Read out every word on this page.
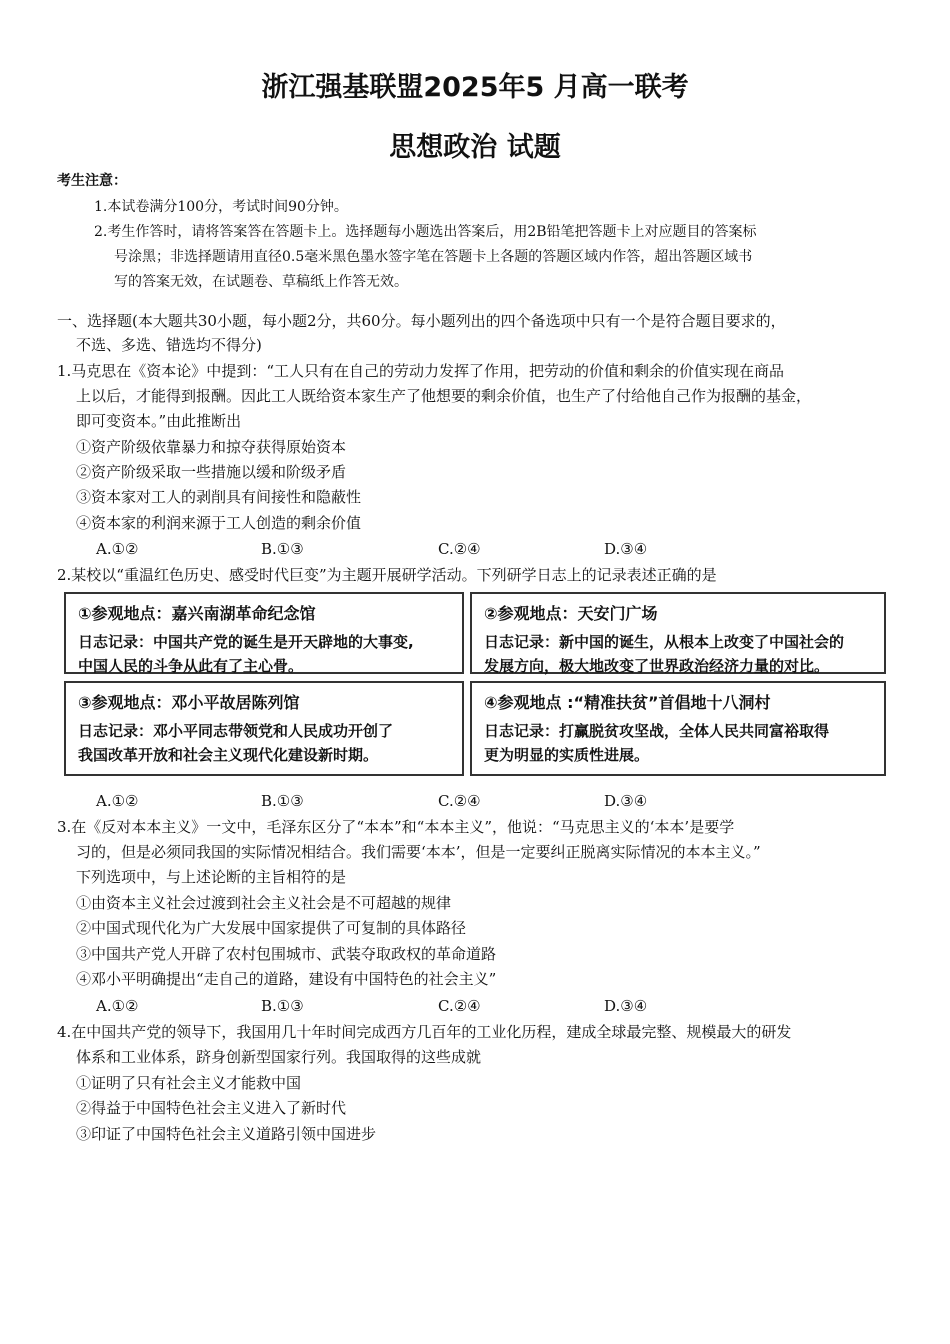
浙江强基联盟2025年5 月高一联考
思想政治 试题
考生注意：
1.本试卷满分100分，考试时间90分钟。
2.考生作答时，请将答案答在答题卡上。选择题每小题选出答案后，用2B铅笔把答题卡上对应题目的答案标
号涂黑；非选择题请用直径0.5毫米黑色墨水签字笔在答题卡上各题的答题区域内作答，超出答题区域书
写的答案无效，在试题卷、草稿纸上作答无效。
一、选择题(本大题共30小题，每小题2分，共60分。每小题列出的四个备选项中只有一个是符合题目要求的，
不选、多选、错选均不得分)
1.马克思在《资本论》中提到：“工人只有在自己的劳动力发挥了作用，把劳动的价值和剩余的价值实现在商品
上以后，才能得到报酬。因此工人既给资本家生产了他想要的剩余价值，也生产了付给他自己作为报酬的基金，
即可变资本。”由此推断出
①资产阶级依靠暴力和掠夺获得原始资本
②资产阶级采取一些措施以缓和阶级矛盾
③资本家对工人的剥削具有间接性和隐蔽性
④资本家的利润来源于工人创造的剩余价值
A.①②	B.①③	C.②④	D.③④
2.某校以“重温红色历史、感受时代巨变”为主题开展研学活动。下列研学日志上的记录表述正确的是
①参观地点：嘉兴南湖革命纪念馆
日志记录：中国共产党的诞生是开天辟地的大事变,
中国人民的斗争从此有了主心骨。
②参观地点：天安门广场
日志记录：新中国的诞生，从根本上改变了中国社会的
发展方向，极大地改变了世界政治经济力量的对比。
③参观地点：邓小平故居陈列馆
日志记录：邓小平同志带领党和人民成功开创了
我国改革开放和社会主义现代化建设新时期。
④参观地点 :“精准扶贫”首倡地十八洞村
日志记录：打赢脱贫攻坚战，全体人民共同富裕取得
更为明显的实质性进展。
A.①②	B.①③	C.②④	D.③④
3.在《反对本本主义》一文中，毛泽东区分了“本本”和“本本主义”，他说：“马克思主义的‘本本’是要学
习的，但是必须同我国的实际情况相结合。我们需要‘本本’，但是一定要纠正脱离实际情况的本本主义。”
下列选项中，与上述论断的主旨相符的是
①由资本主义社会过渡到社会主义社会是不可超越的规律
②中国式现代化为广大发展中国家提供了可复制的具体路径
③中国共产党人开辟了农村包围城市、武装夺取政权的革命道路
④邓小平明确提出“走自己的道路，建设有中国特色的社会主义”
A.①②	B.①③	C.②④	D.③④
4.在中国共产党的领导下，我国用几十年时间完成西方几百年的工业化历程，建成全球最完整、规模最大的研发
体系和工业体系，跻身创新型国家行列。我国取得的这些成就
①证明了只有社会主义才能救中国
②得益于中国特色社会主义进入了新时代
③印证了中国特色社会主义道路引领中国进步
